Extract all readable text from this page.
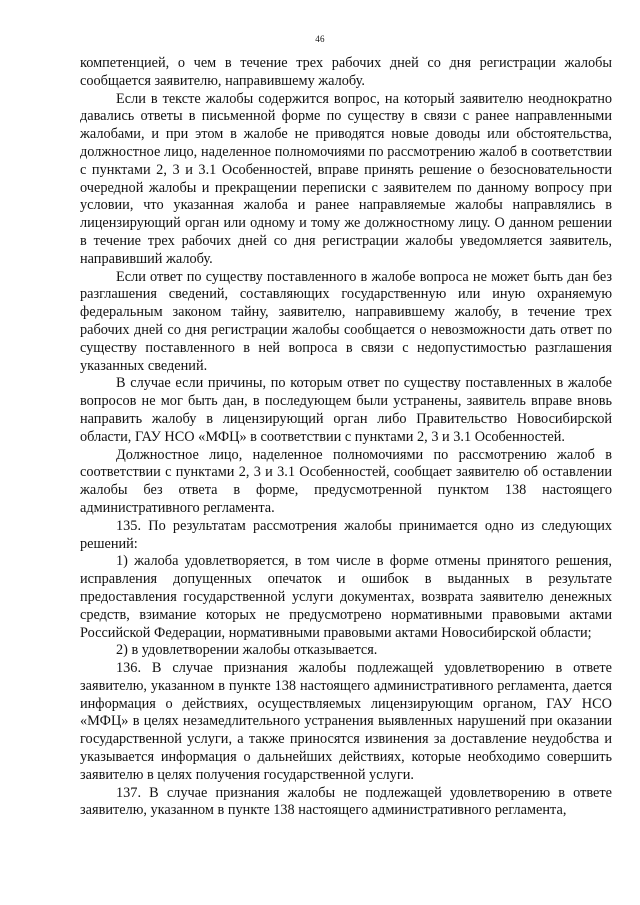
46

компетенцией, о чем в течение трех рабочих дней со дня регистрации жалобы сообщается заявителю, направившему жалобу.

Если в тексте жалобы содержится вопрос, на который заявителю неоднократно давались ответы в письменной форме по существу в связи с ранее направленными жалобами, и при этом в жалобе не приводятся новые доводы или обстоятельства, должностное лицо, наделенное полномочиями по рассмотрению жалоб в соответствии с пунктами 2, 3 и 3.1 Особенностей, вправе принять решение о безосновательности очередной жалобы и прекращении переписки с заявителем по данному вопросу при условии, что указанная жалоба и ранее направляемые жалобы направлялись в лицензирующий орган или одному и тому же должностному лицу. О данном решении в течение трех рабочих дней со дня регистрации жалобы уведомляется заявитель, направивший жалобу.

Если ответ по существу поставленного в жалобе вопроса не может быть дан без разглашения сведений, составляющих государственную или иную охраняемую федеральным законом тайну, заявителю, направившему жалобу, в течение трех рабочих дней со дня регистрации жалобы сообщается о невозможности дать ответ по существу поставленного в ней вопроса в связи с недопустимостью разглашения указанных сведений.

В случае если причины, по которым ответ по существу поставленных в жалобе вопросов не мог быть дан, в последующем были устранены, заявитель вправе вновь направить жалобу в лицензирующий орган либо Правительство Новосибирской области, ГАУ НСО «МФЦ» в соответствии с пунктами 2, 3 и 3.1 Особенностей.

Должностное лицо, наделенное полномочиями по рассмотрению жалоб в соответствии с пунктами 2, 3 и 3.1 Особенностей, сообщает заявителю об оставлении жалобы без ответа в форме, предусмотренной пунктом 138 настоящего административного регламента.

135. По результатам рассмотрения жалобы принимается одно из следующих решений:

1) жалоба удовлетворяется, в том числе в форме отмены принятого решения, исправления допущенных опечаток и ошибок в выданных в результате предоставления государственной услуги документах, возврата заявителю денежных средств, взимание которых не предусмотрено нормативными правовыми актами Российской Федерации, нормативными правовыми актами Новосибирской области;

2) в удовлетворении жалобы отказывается.

136. В случае признания жалобы подлежащей удовлетворению в ответе заявителю, указанном в пункте 138 настоящего административного регламента, дается информация о действиях, осуществляемых лицензирующим органом, ГАУ НСО «МФЦ» в целях незамедлительного устранения выявленных нарушений при оказании государственной услуги, а также приносятся извинения за доставление неудобства и указывается информация о дальнейших действиях, которые необходимо совершить заявителю в целях получения государственной услуги.

137. В случае признания жалобы не подлежащей удовлетворению в ответе заявителю, указанном в пункте 138 настоящего административного регламента,
